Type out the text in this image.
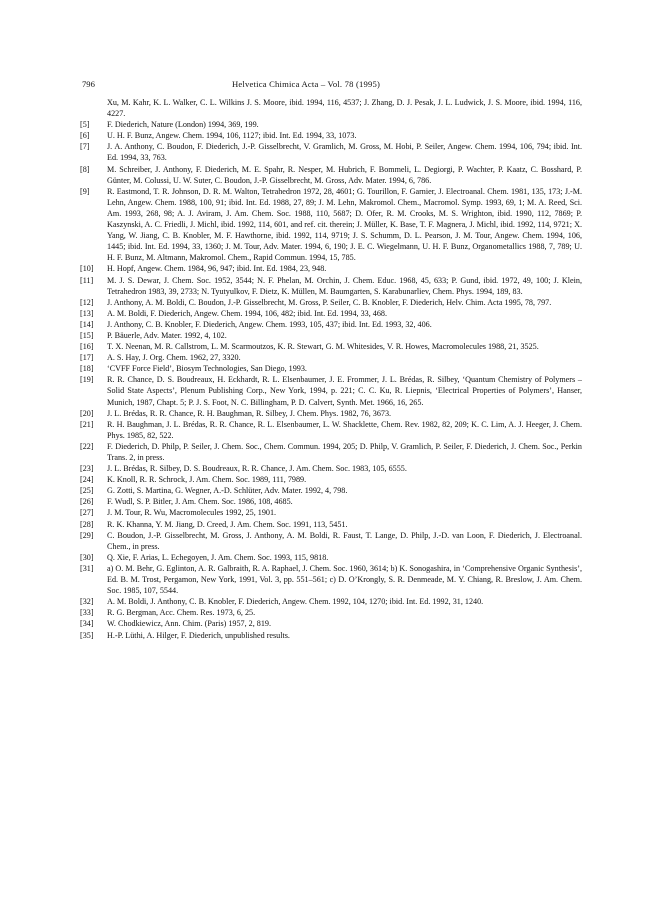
796	Helvetica Chimica Acta – Vol. 78 (1995)

Xu, M. Kahr, K. L. Walker, C. L. Wilkins J. S. Moore, ibid. 1994, 116, 4537; J. Zhang, D. J. Pesak, J. L. Ludwick, J. S. Moore, ibid. 1994, 116, 4227.

[5] F. Diederich, Nature (London) 1994, 369, 199.

[6] U. H. F. Bunz, Angew. Chem. 1994, 106, 1127; ibid. Int. Ed. 1994, 33, 1073.

[7] J. A. Anthony, C. Boudon, F. Diederich, J.-P. Gisselbrecht, V. Gramlich, M. Gross, M. Hobi, P. Seiler, Angew. Chem. 1994, 106, 794; ibid. Int. Ed. 1994, 33, 763.

[8] M. Schreiber, J. Anthony, F. Diederich, M. E. Spahr, R. Nesper, M. Hubrich, F. Bommeli, L. Degiorgi, P. Wachter, P. Kaatz, C. Bosshard, P. Günter, M. Colussi, U. W. Suter, C. Boudon, J.-P. Gisselbrecht, M. Gross, Adv. Mater. 1994, 6, 786.

[9] R. Eastmond, T. R. Johnson, D. R. M. Walton, Tetrahedron 1972, 28, 4601; G. Tourillon, F. Garnier, J. Electroanal. Chem. 1981, 135, 173; J.-M. Lehn, Angew. Chem. 1988, 100, 91; ibid. Int. Ed. 1988, 27, 89; J. M. Lehn, Makromol. Chem., Macromol. Symp. 1993, 69, 1; M. A. Reed, Sci. Am. 1993, 268, 98; A. J. Aviram, J. Am. Chem. Soc. 1988, 110, 5687; D. Ofer, R. M. Crooks, M. S. Wrighton, ibid. 1990, 112, 7869; P. Kaszynski, A. C. Friedli, J. Michl, ibid. 1992, 114, 601, and ref. cit. therein; J. Müller, K. Base, T. F. Magnera, J. Michl, ibid. 1992, 114, 9721; X. Yang, W. Jiang, C. B. Knobler, M. F. Hawthorne, ibid. 1992, 114, 9719; J. S. Schumm, D. L. Pearson, J. M. Tour, Angew. Chem. 1994, 106, 1445; ibid. Int. Ed. 1994, 33, 1360; J. M. Tour, Adv. Mater. 1994, 6, 190; J. E. C. Wiegelmann, U. H. F. Bunz, Organometallics 1988, 7, 789; U. H. F. Bunz, M. Altmann, Makromol. Chem., Rapid Commun. 1994, 15, 785.

[10] H. Hopf, Angew. Chem. 1984, 96, 947; ibid. Int. Ed. 1984, 23, 948.

[11] M. J. S. Dewar, J. Chem. Soc. 1952, 3544; N. F. Phelan, M. Orchin, J. Chem. Educ. 1968, 45, 633; P. Gund, ibid. 1972, 49, 100; J. Klein, Tetrahedron 1983, 39, 2733; N. Tyutyulkov, F. Dietz, K. Müllen, M. Baumgarten, S. Karabunarliev, Chem. Phys. 1994, 189, 83.

[12] J. Anthony, A. M. Boldi, C. Boudon, J.-P. Gisselbrecht, M. Gross, P. Seiler, C. B. Knobler, F. Diederich, Helv. Chim. Acta 1995, 78, 797.

[13] A. M. Boldi, F. Diederich, Angew. Chem. 1994, 106, 482; ibid. Int. Ed. 1994, 33, 468.

[14] J. Anthony, C. B. Knobler, F. Diederich, Angew. Chem. 1993, 105, 437; ibid. Int. Ed. 1993, 32, 406.

[15] P. Bäuerle, Adv. Mater. 1992, 4, 102.

[16] T. X. Neenan, M. R. Callstrom, L. M. Scarmoutzos, K. R. Stewart, G. M. Whitesides, V. R. Howes, Macromolecules 1988, 21, 3525.

[17] A. S. Hay, J. Org. Chem. 1962, 27, 3320.

[18] ‘CVFF Force Field’, Biosym Technologies, San Diego, 1993.

[19] R. R. Chance, D. S. Boudreaux, H. Eckhardt, R. L. Elsenbaumer, J. E. Frommer, J. L. Brédas, R. Silbey, ‘Quantum Chemistry of Polymers – Solid State Aspects’, Plenum Publishing Corp., New York, 1994, p. 221; C. C. Ku, R. Liepnis, ‘Electrical Properties of Polymers’, Hanser, Munich, 1987, Chapt. 5; P. J. S. Foot, N. C. Billingham, P. D. Calvert, Synth. Met. 1966, 16, 265.

[20] J. L. Brédas, R. R. Chance, R. H. Baughman, R. Silbey, J. Chem. Phys. 1982, 76, 3673.

[21] R. H. Baughman, J. L. Brédas, R. R. Chance, R. L. Elsenbaumer, L. W. Shacklette, Chem. Rev. 1982, 82, 209; K. C. Lim, A. J. Heeger, J. Chem. Phys. 1985, 82, 522.

[22] F. Diederich, D. Philp, P. Seiler, J. Chem. Soc., Chem. Commun. 1994, 205; D. Philp, V. Gramlich, P. Seiler, F. Diederich, J. Chem. Soc., Perkin Trans. 2, in press.

[23] J. L. Brédas, R. Silbey, D. S. Boudreaux, R. R. Chance, J. Am. Chem. Soc. 1983, 105, 6555.

[24] K. Knoll, R. R. Schrock, J. Am. Chem. Soc. 1989, 111, 7989.

[25] G. Zotti, S. Martina, G. Wegner, A.-D. Schlüter, Adv. Mater. 1992, 4, 798.

[26] F. Wudl, S. P. Bitler, J. Am. Chem. Soc. 1986, 108, 4685.

[27] J. M. Tour, R. Wu, Macromolecules 1992, 25, 1901.

[28] R. K. Khanna, Y. M. Jiang, D. Creed, J. Am. Chem. Soc. 1991, 113, 5451.

[29] C. Boudon, J.-P. Gisselbrecht, M. Gross, J. Anthony, A. M. Boldi, R. Faust, T. Lange, D. Philp, J.-D. van Loon, F. Diederich, J. Electroanal. Chem., in press.

[30] Q. Xie, F. Arias, L. Echegoyen, J. Am. Chem. Soc. 1993, 115, 9818.

[31] a) O. M. Behr, G. Eglinton, A. R. Galbraith, R. A. Raphael, J. Chem. Soc. 1960, 3614; b) K. Sonogashira, in ‘Comprehensive Organic Synthesis’, Ed. B. M. Trost, Pergamon, New York, 1991, Vol. 3, pp. 551–561; c) D. O’Krongly, S. R. Denmeade, M. Y. Chiang, R. Breslow, J. Am. Chem. Soc. 1985, 107, 5544.

[32] A. M. Boldi, J. Anthony, C. B. Knobler, F. Diederich, Angew. Chem. 1992, 104, 1270; ibid. Int. Ed. 1992, 31, 1240.

[33] R. G. Bergman, Acc. Chem. Res. 1973, 6, 25.

[34] W. Chodkiewicz, Ann. Chim. (Paris) 1957, 2, 819.

[35] H.-P. Lüthi, A. Hilger, F. Diederich, unpublished results.
